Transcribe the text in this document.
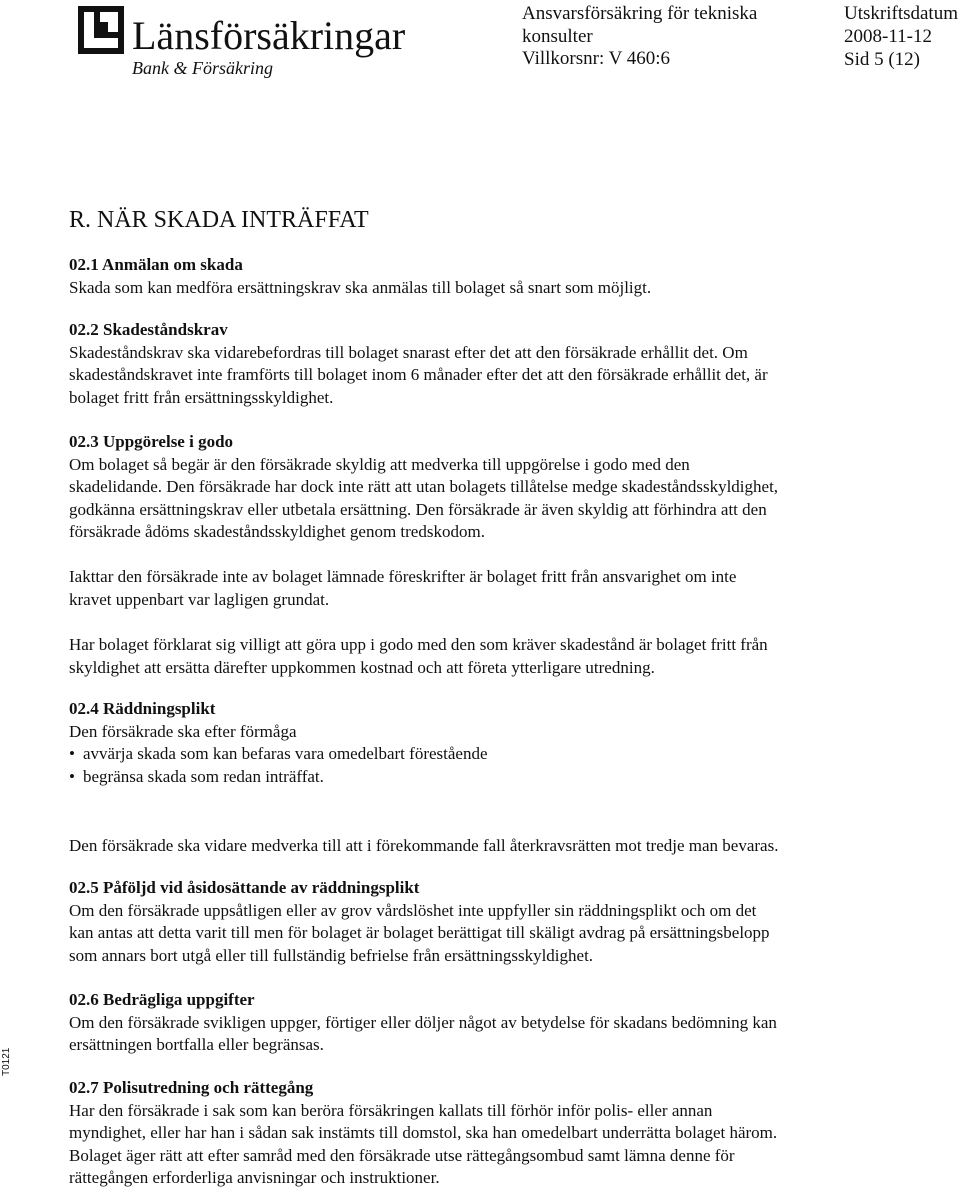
Länsförsäkringar
Bank & Försäkring
Ansvarsförsäkring för tekniska
konsulter
Villkorsnr: V 460:6
Utskriftsdatum
2008-11-12
Sid 5 (12)
R. NÄR SKADA INTRÄFFAT
02.1 Anmälan om skada
Skada som kan medföra ersättningskrav ska anmälas till bolaget så snart som möjligt.
02.2 Skadeståndskrav
Skadeståndskrav ska vidarebefordras till bolaget snarast efter det att den försäkrade erhållit det. Om
skadeståndskravet inte framförts till bolaget inom 6 månader efter det att den försäkrade erhållit det, är
bolaget fritt från ersättningsskyldighet.
02.3 Uppgörelse i godo
Om bolaget så begär är den försäkrade skyldig att medverka till uppgörelse i godo med den
skadelidande. Den försäkrade har dock inte rätt att utan bolagets tillåtelse medge skadeståndsskyldighet,
godkänna ersättningskrav eller utbetala ersättning. Den försäkrade är även skyldig att förhindra att den
försäkrade ådöms skadeståndsskyldighet genom tredskodom.
Iakttar den försäkrade inte av bolaget lämnade föreskrifter är bolaget fritt från ansvarighet om inte
kravet uppenbart var lagligen grundat.
Har bolaget förklarat sig villigt att göra upp i godo med den som kräver skadestånd är bolaget fritt från
skyldighet att ersätta därefter uppkommen kostnad och att företa ytterligare utredning.
02.4 Räddningsplikt
Den försäkrade ska efter förmåga
• avvärja skada som kan befaras vara omedelbart förestående
• begränsa skada som redan inträffat.
Den försäkrade ska vidare medverka till att i förekommande fall återkravsrätten mot tredje man bevaras.
02.5 Påföljd vid åsidosättande av räddningsplikt
Om den försäkrade uppsåtligen eller av grov vårdslöshet inte uppfyller sin räddningsplikt och om det
kan antas att detta varit till men för bolaget är bolaget berättigat till skäligt avdrag på ersättningsbelopp
som annars bort utgå eller till fullständig befrielse från ersättningsskyldighet.
02.6 Bedrägliga uppgifter
Om den försäkrade svikligen uppger, förtiger eller döljer något av betydelse för skadans bedömning kan
ersättningen bortfalla eller begränsas.
02.7 Polisutredning och rättegång
Har den försäkrade i sak som kan beröra försäkringen kallats till förhör inför polis- eller annan
myndighet, eller har han i sådan sak instämts till domstol, ska han omedelbart underrätta bolaget härom.
Bolaget äger rätt att efter samråd med den försäkrade utse rättegångsombud samt lämna denne för
rättegången erforderliga anvisningar och instruktioner.
T0121
